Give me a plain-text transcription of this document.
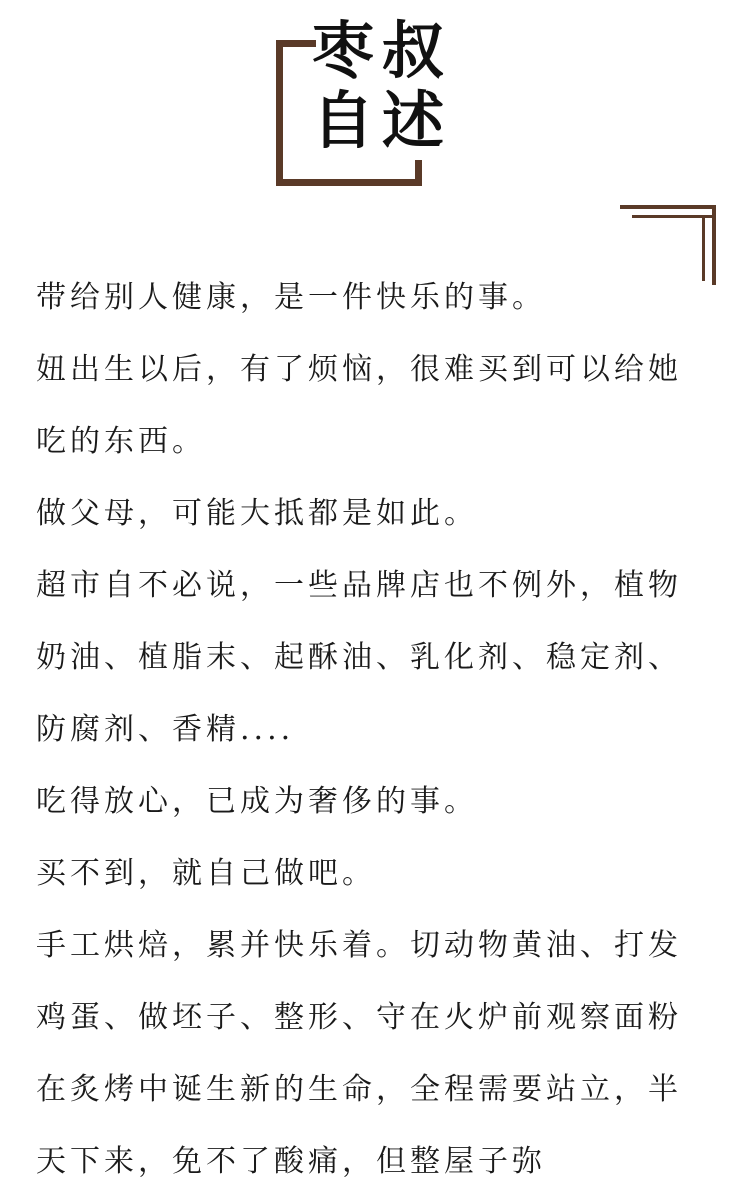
枣叔
自述

带给别人健康，是一件快乐的事。

妞出生以后，有了烦恼，很难买到可以给她吃的东西。

做父母，可能大抵都是如此。

超市自不必说，一些品牌店也不例外，植物奶油、植脂末、起酥油、乳化剂、稳定剂、防腐剂、香精....

吃得放心，已成为奢侈的事。

买不到，就自己做吧。

手工烘焙，累并快乐着。切动物黄油、打发鸡蛋、做坯子、整形、守在火炉前观察面粉在炙烤中诞生新的生命，全程需要站立，半天下来，免不了酸痛，但整屋子弥
